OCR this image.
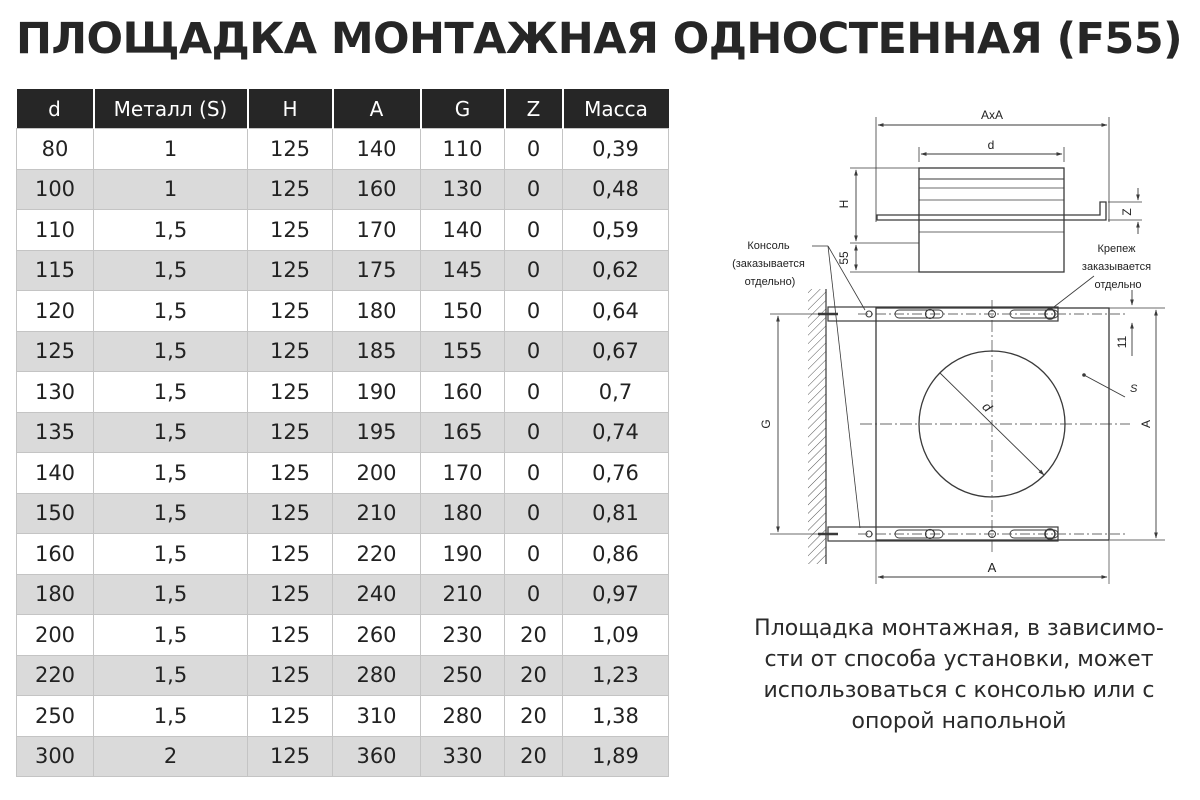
ПЛОЩАДКА МОНТАЖНАЯ ОДНОСТЕННАЯ (F55)
d	Металл (S)	H	A	G	Z	Масса
80	1	125	140	110	0	0,39
100	1	125	160	130	0	0,48
110	1,5	125	170	140	0	0,59
115	1,5	125	175	145	0	0,62
120	1,5	125	180	150	0	0,64
125	1,5	125	185	155	0	0,67
130	1,5	125	190	160	0	0,7
135	1,5	125	195	165	0	0,74
140	1,5	125	200	170	0	0,76
150	1,5	125	210	180	0	0,81
160	1,5	125	220	190	0	0,86
180	1,5	125	240	210	0	0,97
200	1,5	125	260	230	20	1,09
220	1,5	125	280	250	20	1,23
250	1,5	125	310	280	20	1,38
300	2	125	360	330	20	1,89
AxA
d
H
55
Z
d
G	A
11
S
A
Консоль (заказывается отдельно)
Крепеж заказывается отдельно

Площадка монтажная, в зависимо-
сти от способа установки, может
использоваться с консолью или с
опорой напольной
